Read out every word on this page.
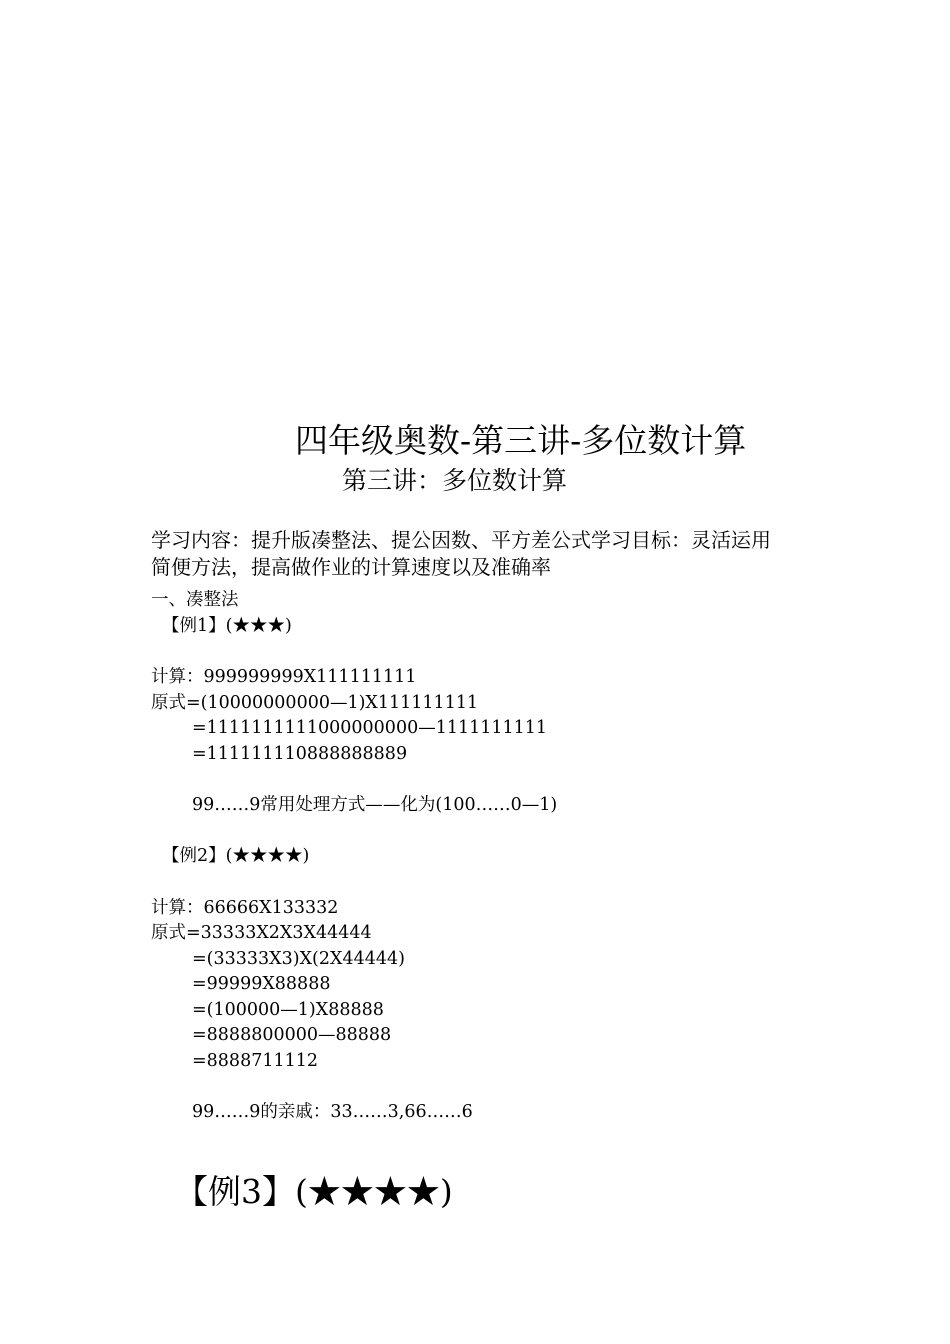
四年级奥数-第三讲-多位数计算
第三讲：多位数计算
学习内容：提升版凑整法、提公因数、平方差公式学习目标：灵活运用简便方法，提高做作业的计算速度以及准确率
一、凑整法
【例1】(★★★)
计算：999999999X111111111
原式=(10000000000—1)X111111111
=1111111111000000000—1111111111
=111111110888888889
99……9常用处理方式——化为(100……0—1)
【例2】(★★★★)
计算：66666X133332
原式=33333X2X3X44444
=(33333X3)X(2X44444)
=99999X88888
=(100000—1)X88888
=8888800000—88888
=8888711112
99……9的亲戚：33……3,66……6
【例3】(★★★★)
